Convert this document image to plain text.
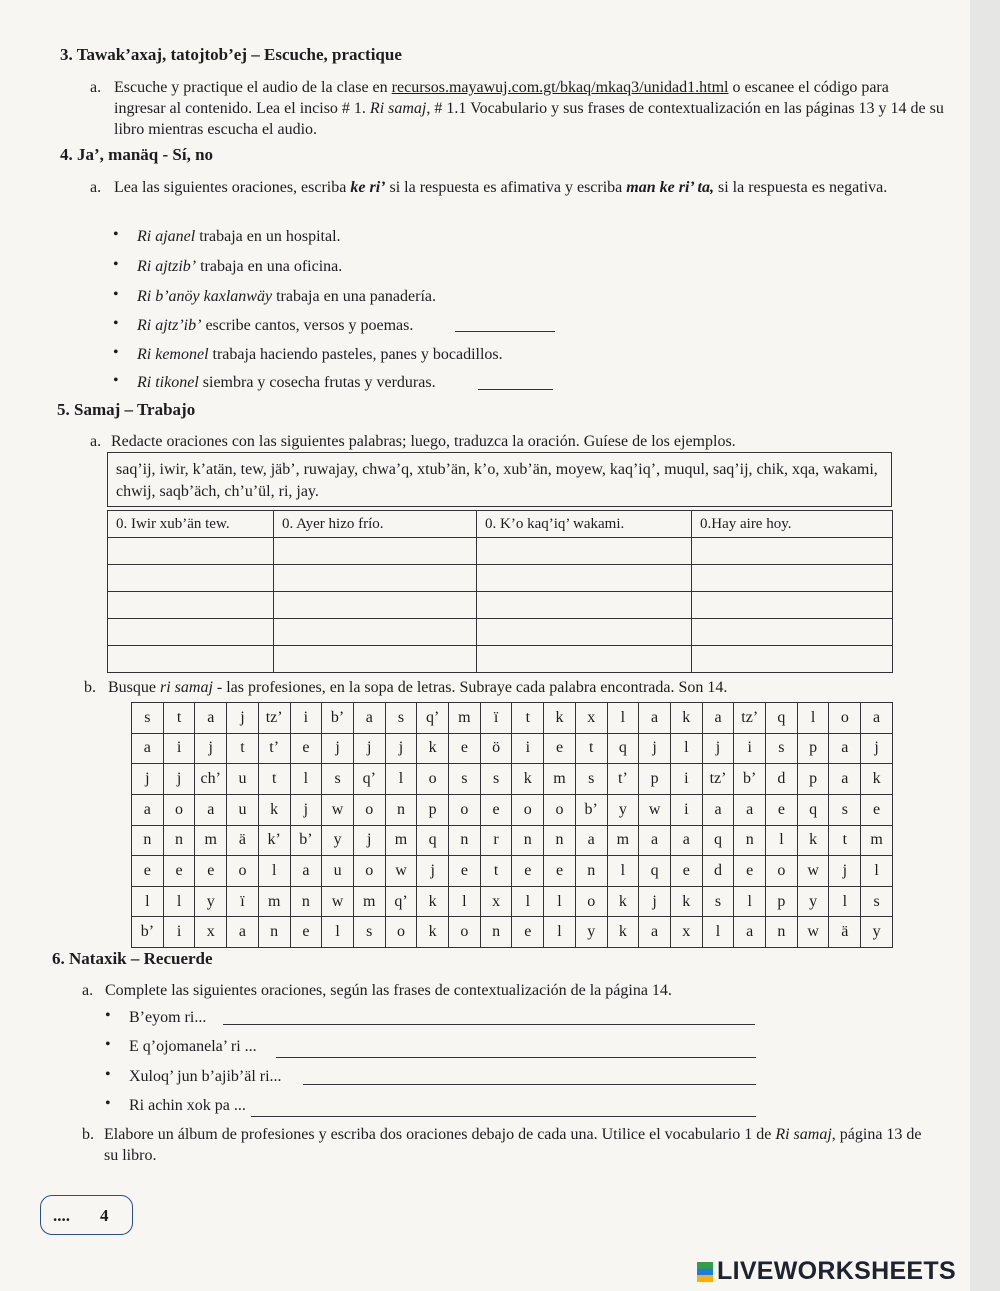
3. Tawak’axaj, tatojtob’ej – Escuche, practique
a. Escuche y practique el audio de la clase en recursos.mayawuj.com.gt/bkaq/mkaq3/unidad1.html o escanee el código para ingresar al contenido. Lea el inciso # 1. Ri samaj, # 1.1 Vocabulario y sus frases de contextualización en las páginas 13 y 14 de su libro mientras escucha el audio.
4. Ja’, manäq - Sí, no
a. Lea las siguientes oraciones, escriba ke ri’ si la respuesta es afimativa y escriba man ke ri’ ta, si la respuesta es negativa.
• Ri ajanel trabaja en un hospital.
• Ri ajtzib’ trabaja en una oficina.
• Ri b’anöy kaxlanwäy trabaja en una panadería.
• Ri ajtz’ib’ escribe cantos, versos y poemas.
• Ri kemonel trabaja haciendo pasteles, panes y bocadillos.
• Ri tikonel siembra y cosecha frutas y verduras.
5. Samaj – Trabajo
a. Redacte oraciones con las siguientes palabras; luego, traduzca la oración. Guíese de los ejemplos.
saq’ij, iwir, k’atän, tew, jäb’, ruwajay, chwa’q, xtub’än, k’o, xub’än, moyew, kaq’iq’, muqul, saq’ij, chik, xqa, wakami, chwij, saqb’äch, ch’u’ül, ri, jay.
0. Iwir xub’än tew.	0. Ayer hizo frío.	0. K’o kaq’iq’ wakami.	0.Hay aire hoy.

b. Busque ri samaj - las profesiones, en la sopa de letras. Subraye cada palabra encontrada. Son 14.
s	t	a	j	tz’	i	b’	a	s	q’	m	ï	t	k	x	l	a	k	a	tz’	q	l	o	a
a	i	j	t	t’	e	j	j	j	k	e	ö	i	e	t	q	j	l	j	i	s	p	a	j
j	j	ch’	u	t	l	s	q’	l	o	s	s	k	m	s	t’	p	i	tz’	b’	d	p	a	k
a	o	a	u	k	j	w	o	n	p	o	e	o	o	b’	y	w	i	a	a	e	q	s	e
n	n	m	ä	k’	b’	y	j	m	q	n	r	n	n	a	m	a	a	q	n	l	k	t	m
e	e	e	o	l	a	u	o	w	j	e	t	e	e	n	l	q	e	d	e	o	w	j	l
l	l	y	ï	m	n	w	m	q’	k	l	x	l	l	o	k	j	k	s	l	p	y	l	s
b’	i	x	a	n	e	l	s	o	k	o	n	e	l	y	k	a	x	l	a	n	w	ä	y
6. Nataxik – Recuerde
a. Complete las siguientes oraciones, según las frases de contextualización de la página 14.
• B’eyom ri...
• E q’ojomanela’ ri ...
• Xuloq’ jun b’ajib’äl ri...
• Ri achin xok pa ...
b. Elabore un álbum de profesiones y escriba dos oraciones debajo de cada una. Utilice el vocabulario 1 de Ri samaj, página 13 de su libro.
.... 4
LIVEWORKSHEETS
